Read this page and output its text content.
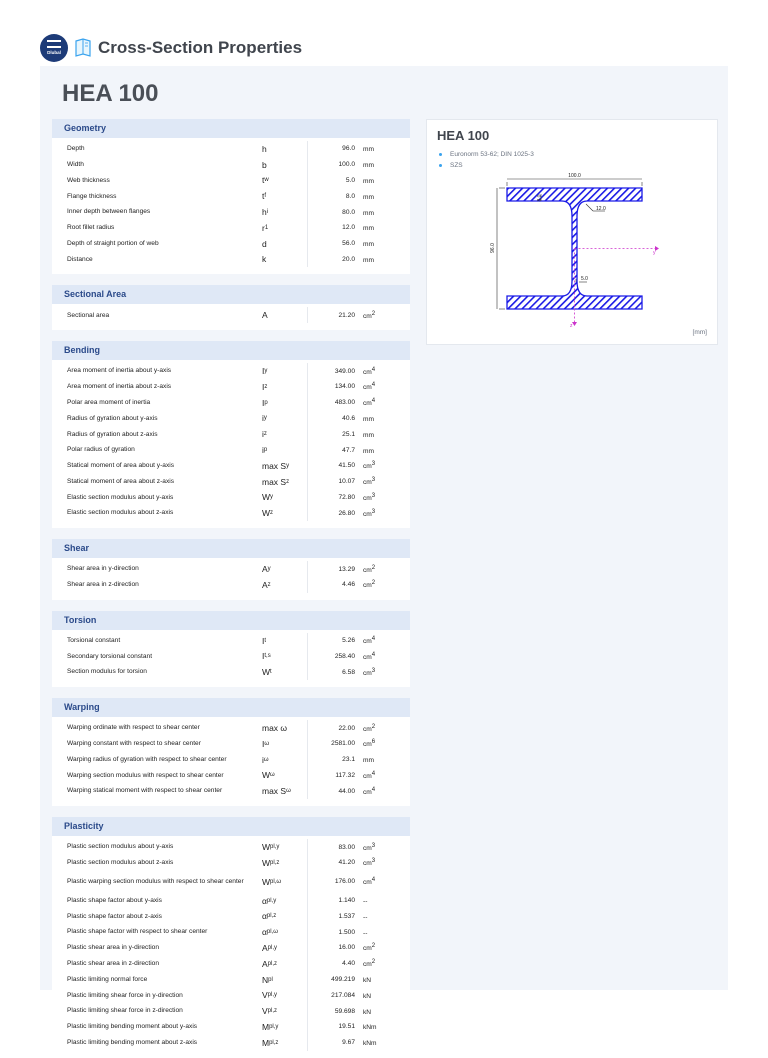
Dlubal Cross-Section Properties
HEA 100
Geometry
Depth	h	96.0	mm
Width	b	100.0	mm
Web thickness	t w	5.0	mm
Flange thickness	t f	8.0	mm
Inner depth between flanges	h i	80.0	mm
Root fillet radius	r 1	12.0	mm
Depth of straight portion of web	d	56.0	mm
Distance	k	20.0	mm
Sectional Area
Sectional area	A	21.20	$cm^2$
Bending
Area moment of inertia about y-axis	I y	349.00	$cm^4$
Area moment of inertia about z-axis	I z	134.00	$cm^4$
Polar area moment of inertia	I p	483.00	$cm^4$
Radius of gyration about y-axis	i y	40.6	mm
Radius of gyration about z-axis	i z	25.1	mm
Polar radius of gyration	i p	47.7	mm
Statical moment of area about y-axis	max S y	41.50	$cm^3$
Statical moment of area about z-axis	max S z	10.07	$cm^3$
Elastic section modulus about y-axis	W y	72.80	$cm^3$
Elastic section modulus about z-axis	W z	26.80	$cm^3$
Shear
Shear area in y-direction	A y	13.29	$cm^2$
Shear area in z-direction	A z	4.46	$cm^2$
Torsion
Torsional constant	I t	5.26	$cm^4$
Secondary torsional constant	I t,s	258.40	$cm^4$
Section modulus for torsion	W t	6.58	$cm^3$
Warping
Warping ordinate with respect to shear center	max ω	22.00	$cm^2$
Warping constant with respect to shear center	I ω	2581.00	$cm^6$
Warping radius of gyration with respect to shear center	i ω	23.1	mm
Warping section modulus with respect to shear center	W ω	117.32	$cm^4$
Warping statical moment with respect to shear center	max S ω	44.00	$cm^4$
Plasticity
Plastic section modulus about y-axis	W pl,y	83.00	$cm^3$
Plastic section modulus about z-axis	W pl,z	41.20	$cm^3$
Plastic warping section modulus with respect to shear center	W pl,ω	176.00	$cm^4$
Plastic shape factor about y-axis	α pl,y	1.140	--
Plastic shape factor about z-axis	α pl,z	1.537	--
Plastic shape factor with respect to shear center	α pl,ω	1.500	--
Plastic shear area in y-direction	A pl,y	16.00	$cm^2$
Plastic shear area in z-direction	A pl,z	4.40	$cm^2$
Plastic limiting normal force	N pl	499.219	kN
Plastic limiting shear force in y-direction	V pl,y	217.084	kN
Plastic limiting shear force in z-direction	V pl,z	59.698	kN
Plastic limiting bending moment about y-axis	M pl,y	19.51	kNm
Plastic limiting bending moment about z-axis	M pl,z	9.67	kNm
HEA 100
Euronorm 53-62; DIN 1025-3
SZS
100.0
96.0
8.0
12.0
5.0
y
z
[mm]
